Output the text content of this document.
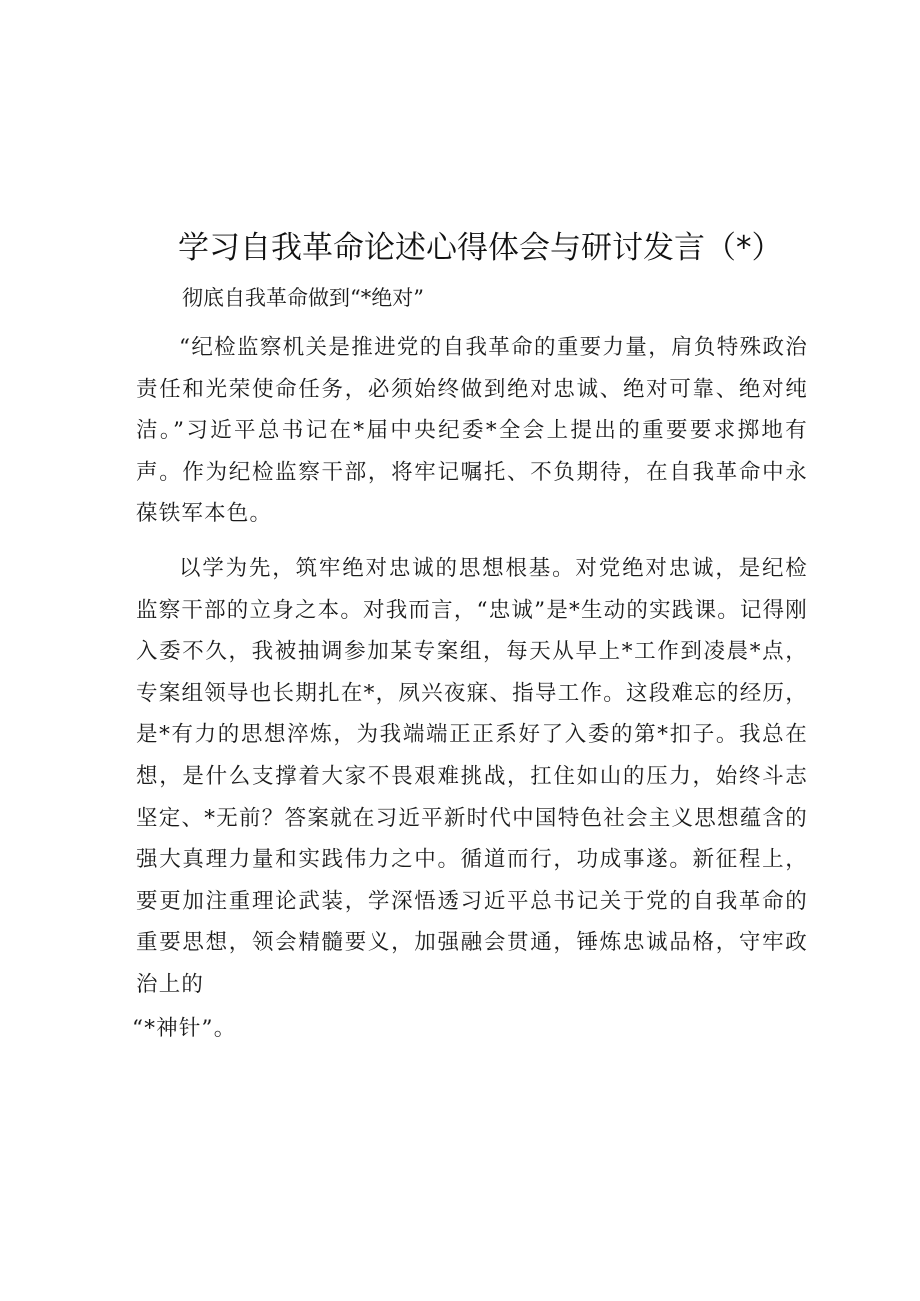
学习自我革命论述心得体会与研讨发言（*）

彻底自我革命做到“*绝对”

“纪检监察机关是推进党的自我革命的重要力量，肩负特殊政治责任和光荣使命任务，必须始终做到绝对忠诚、绝对可靠、绝对纯洁。”习近平总书记在*届中央纪委*全会上提出的重要要求掷地有声。作为纪检监察干部，将牢记嘱托、不负期待，在自我革命中永葆铁军本色。

以学为先，筑牢绝对忠诚的思想根基。对党绝对忠诚，是纪检监察干部的立身之本。对我而言，“忠诚”是*生动的实践课。记得刚入委不久，我被抽调参加某专案组，每天从早上*工作到凌晨*点，专案组领导也长期扎在*，夙兴夜寐、指导工作。这段难忘的经历，是*有力的思想淬炼，为我端端正正系好了入委的第*扣子。我总在想，是什么支撑着大家不畏艰难挑战，扛住如山的压力，始终斗志坚定、*无前？答案就在习近平新时代中国特色社会主义思想蕴含的强大真理力量和实践伟力之中。循道而行，功成事遂。新征程上，要更加注重理论武装，学深悟透习近平总书记关于党的自我革命的重要思想，领会精髓要义，加强融会贯通，锤炼忠诚品格，守牢政治上的

“*神针”。
